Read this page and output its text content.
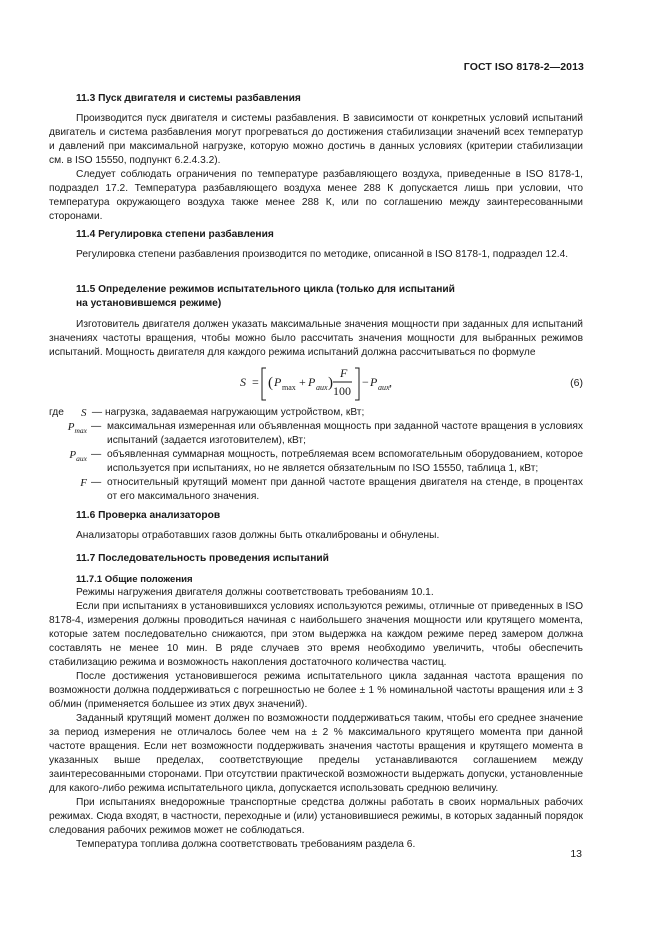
ГОСТ ISO 8178-2—2013

11.3 Пуск двигателя и системы разбавления

Производится пуск двигателя и системы разбавления. В зависимости от конкретных условий испытаний двигатель и система разбавления могут прогреваться до достижения стабилизации значений всех температур и давлений при максимальной нагрузке, которую можно достичь в данных условиях (критерии стабилизации см. в ISO 15550, подпункт 6.2.4.3.2).

Следует соблюдать ограничения по температуре разбавляющего воздуха, приведенные в ISO 8178-1, подраздел 17.2. Температура разбавляющего воздуха менее 288 К допускается лишь при условии, что температура окружающего воздуха также менее 288 К, или по соглашению между заинтересованными сторонами.

11.4 Регулировка степени разбавления

Регулировка степени разбавления производится по методике, описанной в ISO 8178-1, подраздел 12.4.

11.5 Определение режимов испытательного цикла (только для испытаний

на установившемся режиме)

Изготовитель двигателя должен указать максимальные значения мощности при заданных для испытаний значениях частоты вращения, чтобы можно было рассчитать значения мощности для выбранных режимов испытаний. Мощность двигателя для каждого режима испытаний должна рассчитываться по формуле

S = ( P max + P aux )
F
100
− P aux ,	(6)
где	S — нагрузка, задаваемая нагружающим устройством, кВт;
$P_{max}$ — максимальная измеренная или объявленная мощность при заданной частоте вращения в условиях испытаний (задается изготовителем), кВт;
$P_{aux}$ — объявленная суммарная мощность, потребляемая всем вспомогательным оборудованием, которое используется при испытаниях, но не является обязательным по ISO 15550, таблица 1, кВт;
F — относительный крутящий момент при данной частоте вращения двигателя на стенде, в процентах от его максимального значения.

11.6 Проверка анализаторов

Анализаторы отработавших газов должны быть откалиброваны и обнулены.

11.7 Последовательность проведения испытаний

11.7.1 Общие положения

Режимы нагружения двигателя должны соответствовать требованиям 10.1.

Если при испытаниях в установившихся условиях используются режимы, отличные от приведенных в ISO 8178-4, измерения должны проводиться начиная с наибольшего значения мощности или крутящего момента, которые затем последовательно снижаются, при этом выдержка на каждом режиме перед замером должна составлять не менее 10 мин. В ряде случаев это время необходимо увеличить, чтобы обеспечить стабилизацию режима и возможность накопления достаточного количества частиц.

После достижения установившегося режима испытательного цикла заданная частота вращения по возможности должна поддерживаться с погрешностью не более ± 1 % номинальной частоты вращения или ± 3 об/мин (применяется большее из этих двух значений).

Заданный крутящий момент должен по возможности поддерживаться таким, чтобы его среднее значение за период измерения не отличалось более чем на ± 2 % максимального крутящего момента при данной частоте вращения. Если нет возможности поддерживать значения частоты вращения и крутящего момента в указанных выше пределах, соответствующие пределы устанавливаются соглашением между заинтересованными сторонами. При отсутствии практической возможности выдержать допуски, установленные для какого-либо режима испытательного цикла, допускается использовать среднюю величину.

При испытаниях внедорожные транспортные средства должны работать в своих нормальных рабочих режимах. Сюда входят, в частности, переходные и (или) установившиеся режимы, в которых заданный порядок следования рабочих режимов может не соблюдаться.

Температура топлива должна соответствовать требованиям раздела 6.

13
